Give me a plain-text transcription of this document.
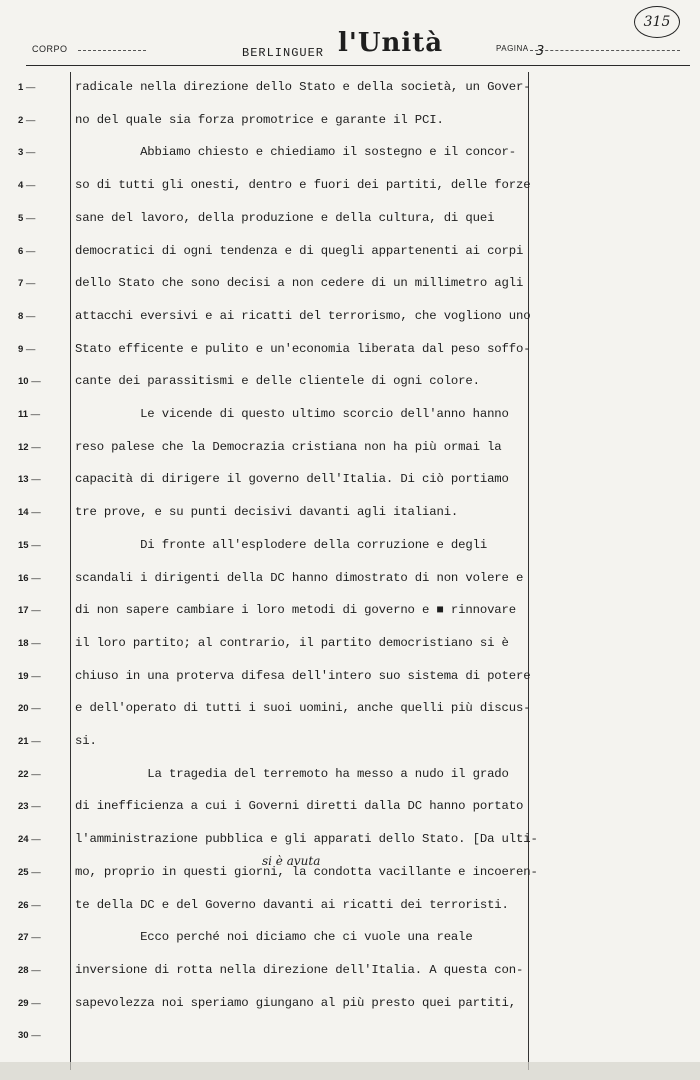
CORPO	BERLINGUER l'Unità	PAGINA 3
315
1 —	radicale nella direzione dello Stato e della società, un Gover-
2 —	no del quale sia forza promotrice e garante il PCI.
3 —	Abbiamo chiesto e chiediamo il sostegno e il concor-
4 —	so di tutti gli onesti, dentro e fuori dei partiti, delle forze
5 —	sane del lavoro, della produzione e della cultura, di quei
6 —	democratici di ogni tendenza e di quegli appartenenti ai corpi
7 —	dello Stato che sono decisi a non cedere di un millimetro agli
8 —	attacchi eversivi e ai ricatti del terrorismo, che vogliono uno
9 —	Stato efficente e pulito e un'economia liberata dal peso soffo-
10 —	cante dei parassitismi e delle clientele di ogni colore.
11 —	Le vicende di questo ultimo scorcio dell'anno hanno
12 —	reso palese che la Democrazia cristiana non ha più ormai la
13 —	capacità di dirigere il governo dell'Italia. Di ciò portiamo
14 —	tre prove, e su punti decisivi davanti agli italiani.
15 —	Di fronte all'esplodere della corruzione e degli
16 —	scandali i dirigenti della DC hanno dimostrato di non volere e
17 —	di non sapere cambiare i loro metodi di governo e ■ rinnovare
18 —	il loro partito; al contrario, il partito democristiano si è
19 —	chiuso in una proterva difesa dell'intero suo sistema di potere
20 —	e dell'operato di tutti i suoi uomini, anche quelli più discus-
21 —	si.
22 —	La tragedia del terremoto ha messo a nudo il grado
23 —	di inefficienza a cui i Governi diretti dalla DC hanno portato
24 —	l'amministrazione pubblica e gli apparati dello Stato. [Da ulti-
25 —	mo, proprio in questi giorni, la condotta vacillante e incoeren-
26 —	te della DC e del Governo davanti ai ricatti dei terroristi.
27 —	Ecco perché noi diciamo che ci vuole una reale
28 —	inversione di rotta nella direzione dell'Italia. A questa con-
29 —	sapevolezza noi speriamo giungano al più presto quei partiti,
30 —
si è avuta
